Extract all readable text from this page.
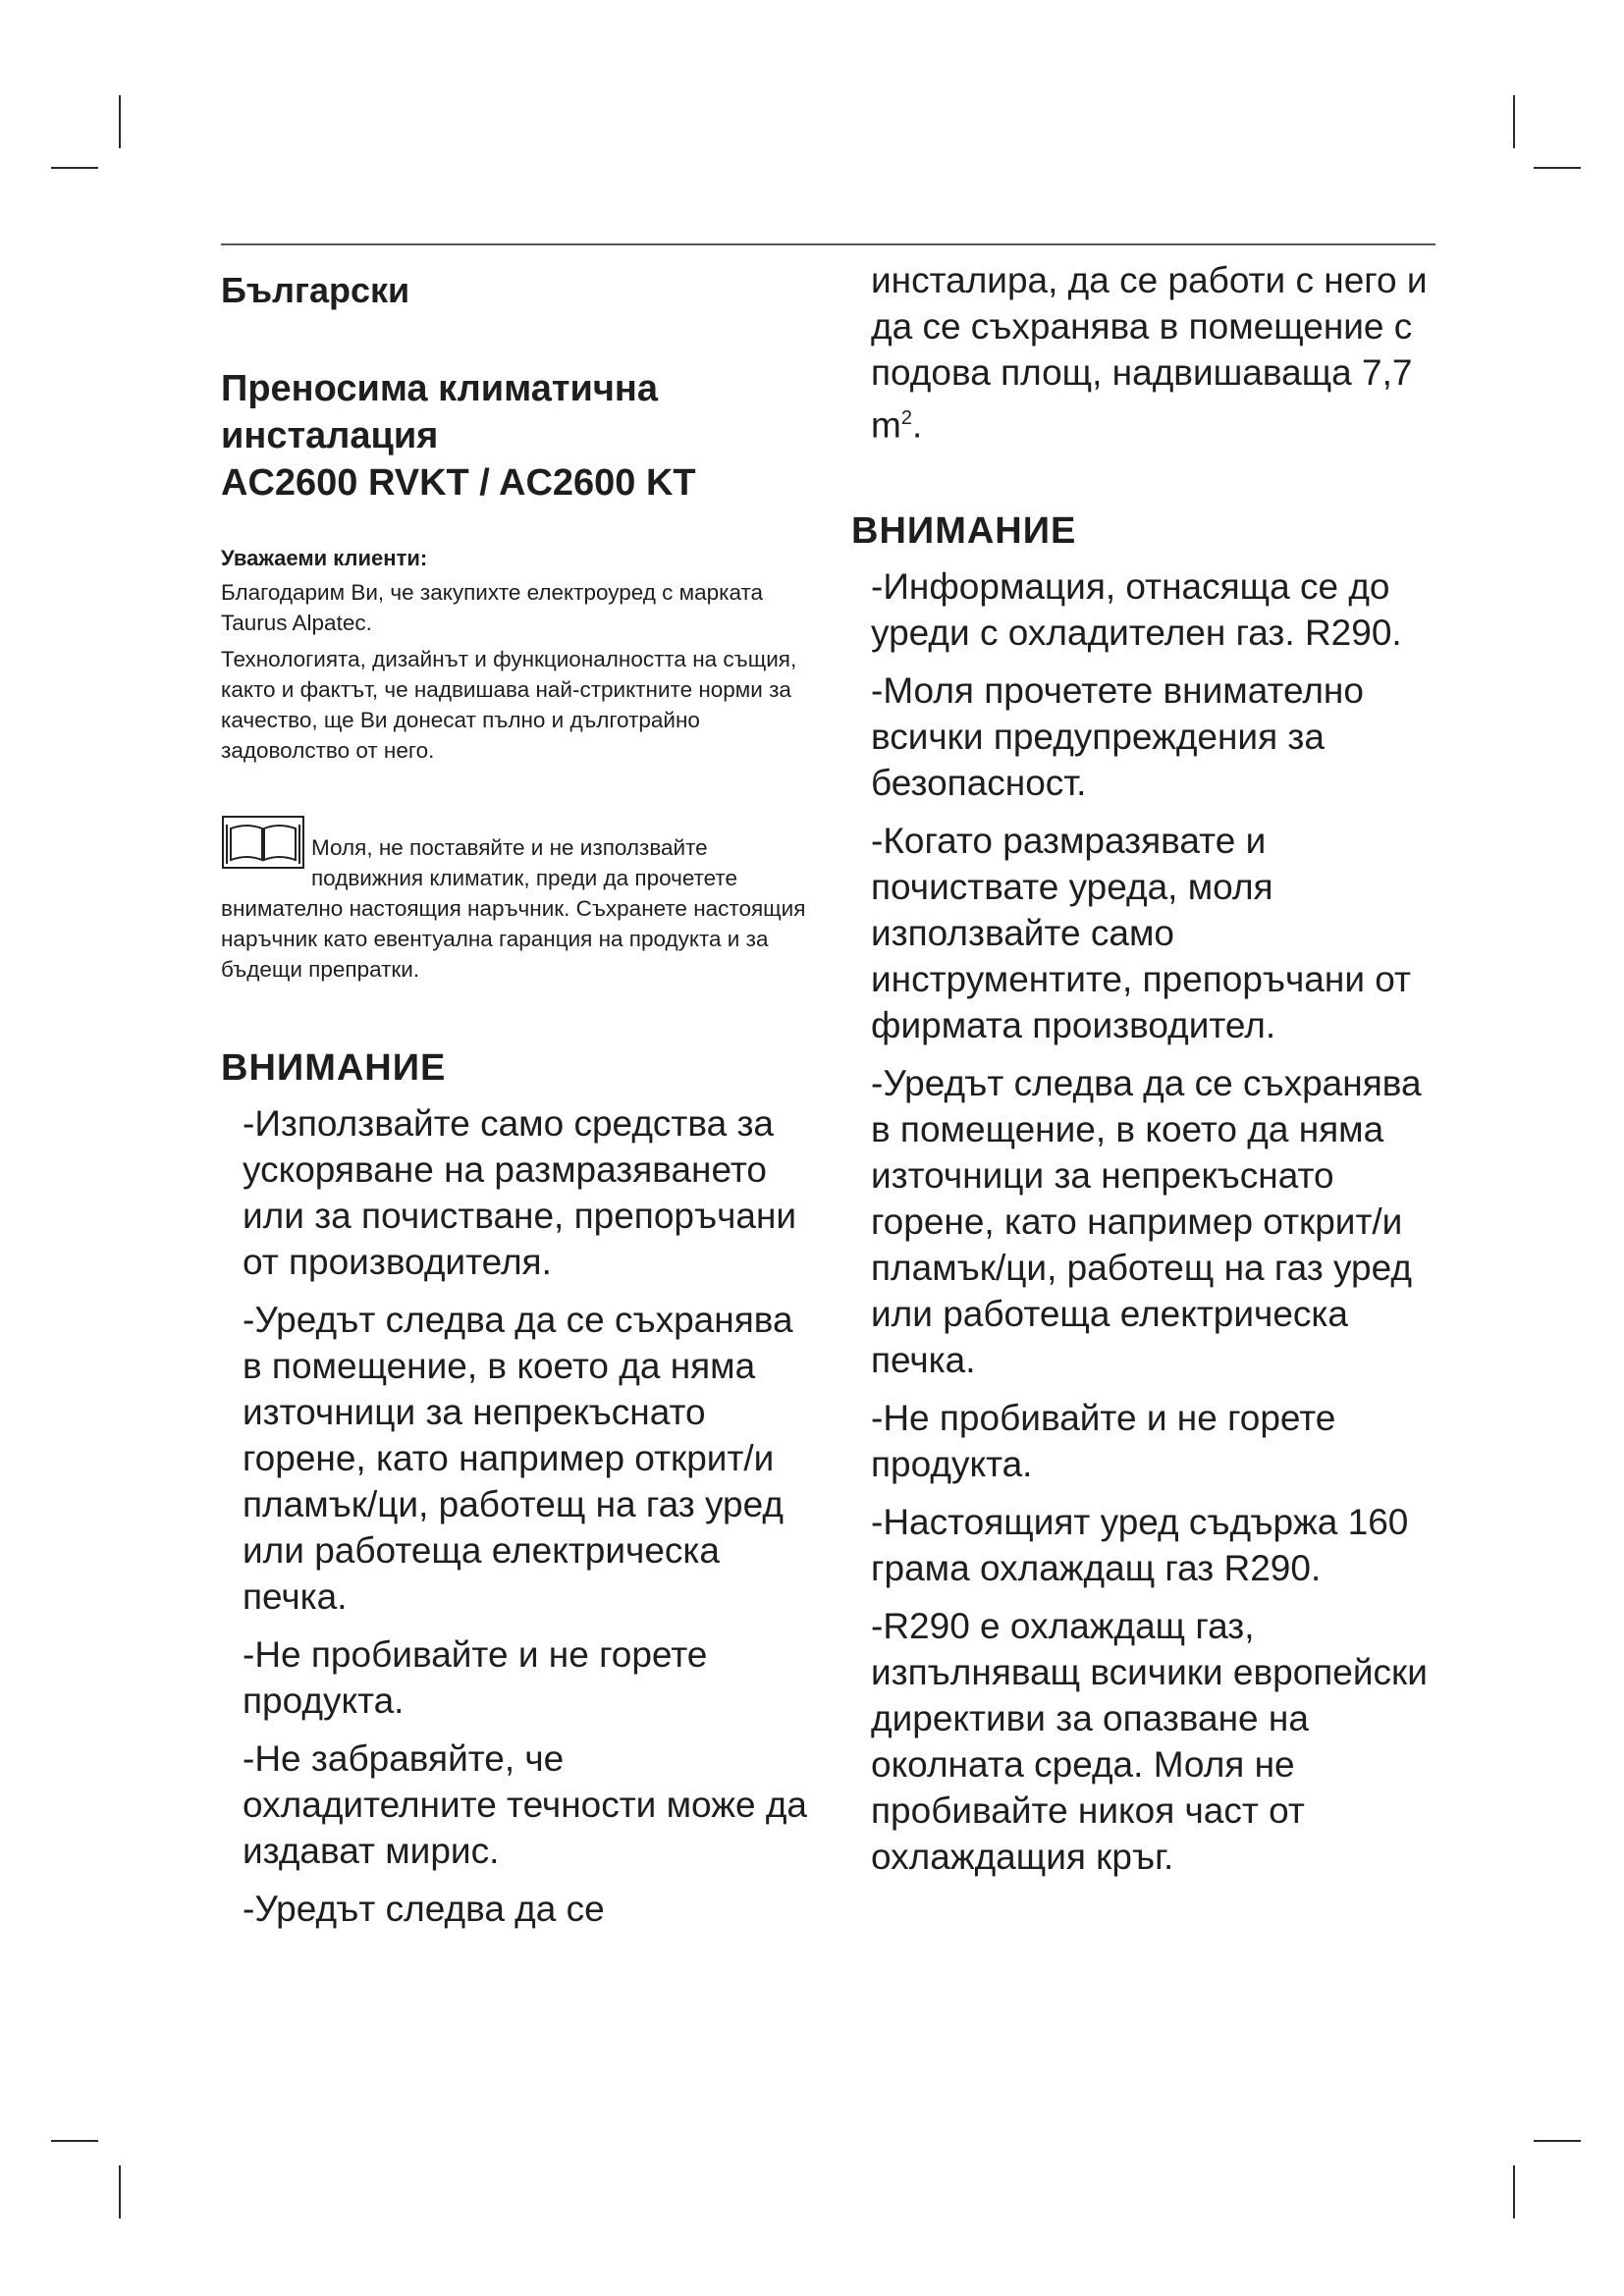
Български
Преносима климатична
инсталация
AC2600 RVKT / AC2600 KT
Уважаеми клиенти:

Благодарим Ви, че закупихте електроуред с марката Taurus Alpatec.

Технологията, дизайнът и функционалността на същия, както и фактът, че надвишава най-стриктните норми за качество, ще Ви донесат пълно и дълготрайно задоволство от него.

Моля, не поставяйте и не използвайте подвижния климатик, преди да прочетете внимателно настоящия наръчник. Съхранете настоящия наръчник като евентуална гаранция на продукта и за бъдещи препратки.

ВНИМАНИЕ
-Използвайте само средства за ускоряване на размразяването или за почистване, препоръчани от производителя.
-Уредът следва да се съхранява в помещение, в което да няма източници за непрекъснато горене, като например открит/и пламък/ци, работещ на газ уред или работеща електрическа печка.
-Не пробивайте и не горете продукта.
-Не забравяйте, че охладителните течности може да издават мирис.
-Уредът следва да се
инсталира, да се работи с него и да се съхранява в помещение с подова площ, надвишаваща 7,7 $m^2$.
ВНИМАНИЕ
-Информация, отнасяща се до уреди с охладителен газ. R290.
-Моля прочетете внимателно всички предупреждения за безопасност.
-Когато размразявате и почиствате уреда, моля използвайте само инструментите, препоръчани от фирмата производител.
-Уредът следва да се съхранява в помещение, в което да няма източници за непрекъснато горене, като например открит/и пламък/ци, работещ на газ уред или работеща електрическа печка.
-Не пробивайте и не горете продукта.
-Настоящият уред съдържа 160 грама охлаждащ газ R290.
-R290 е охлаждащ газ, изпълняващ всичики европейски директиви за опазване на околната среда. Моля не пробивайте никоя част от охлаждащия кръг.
